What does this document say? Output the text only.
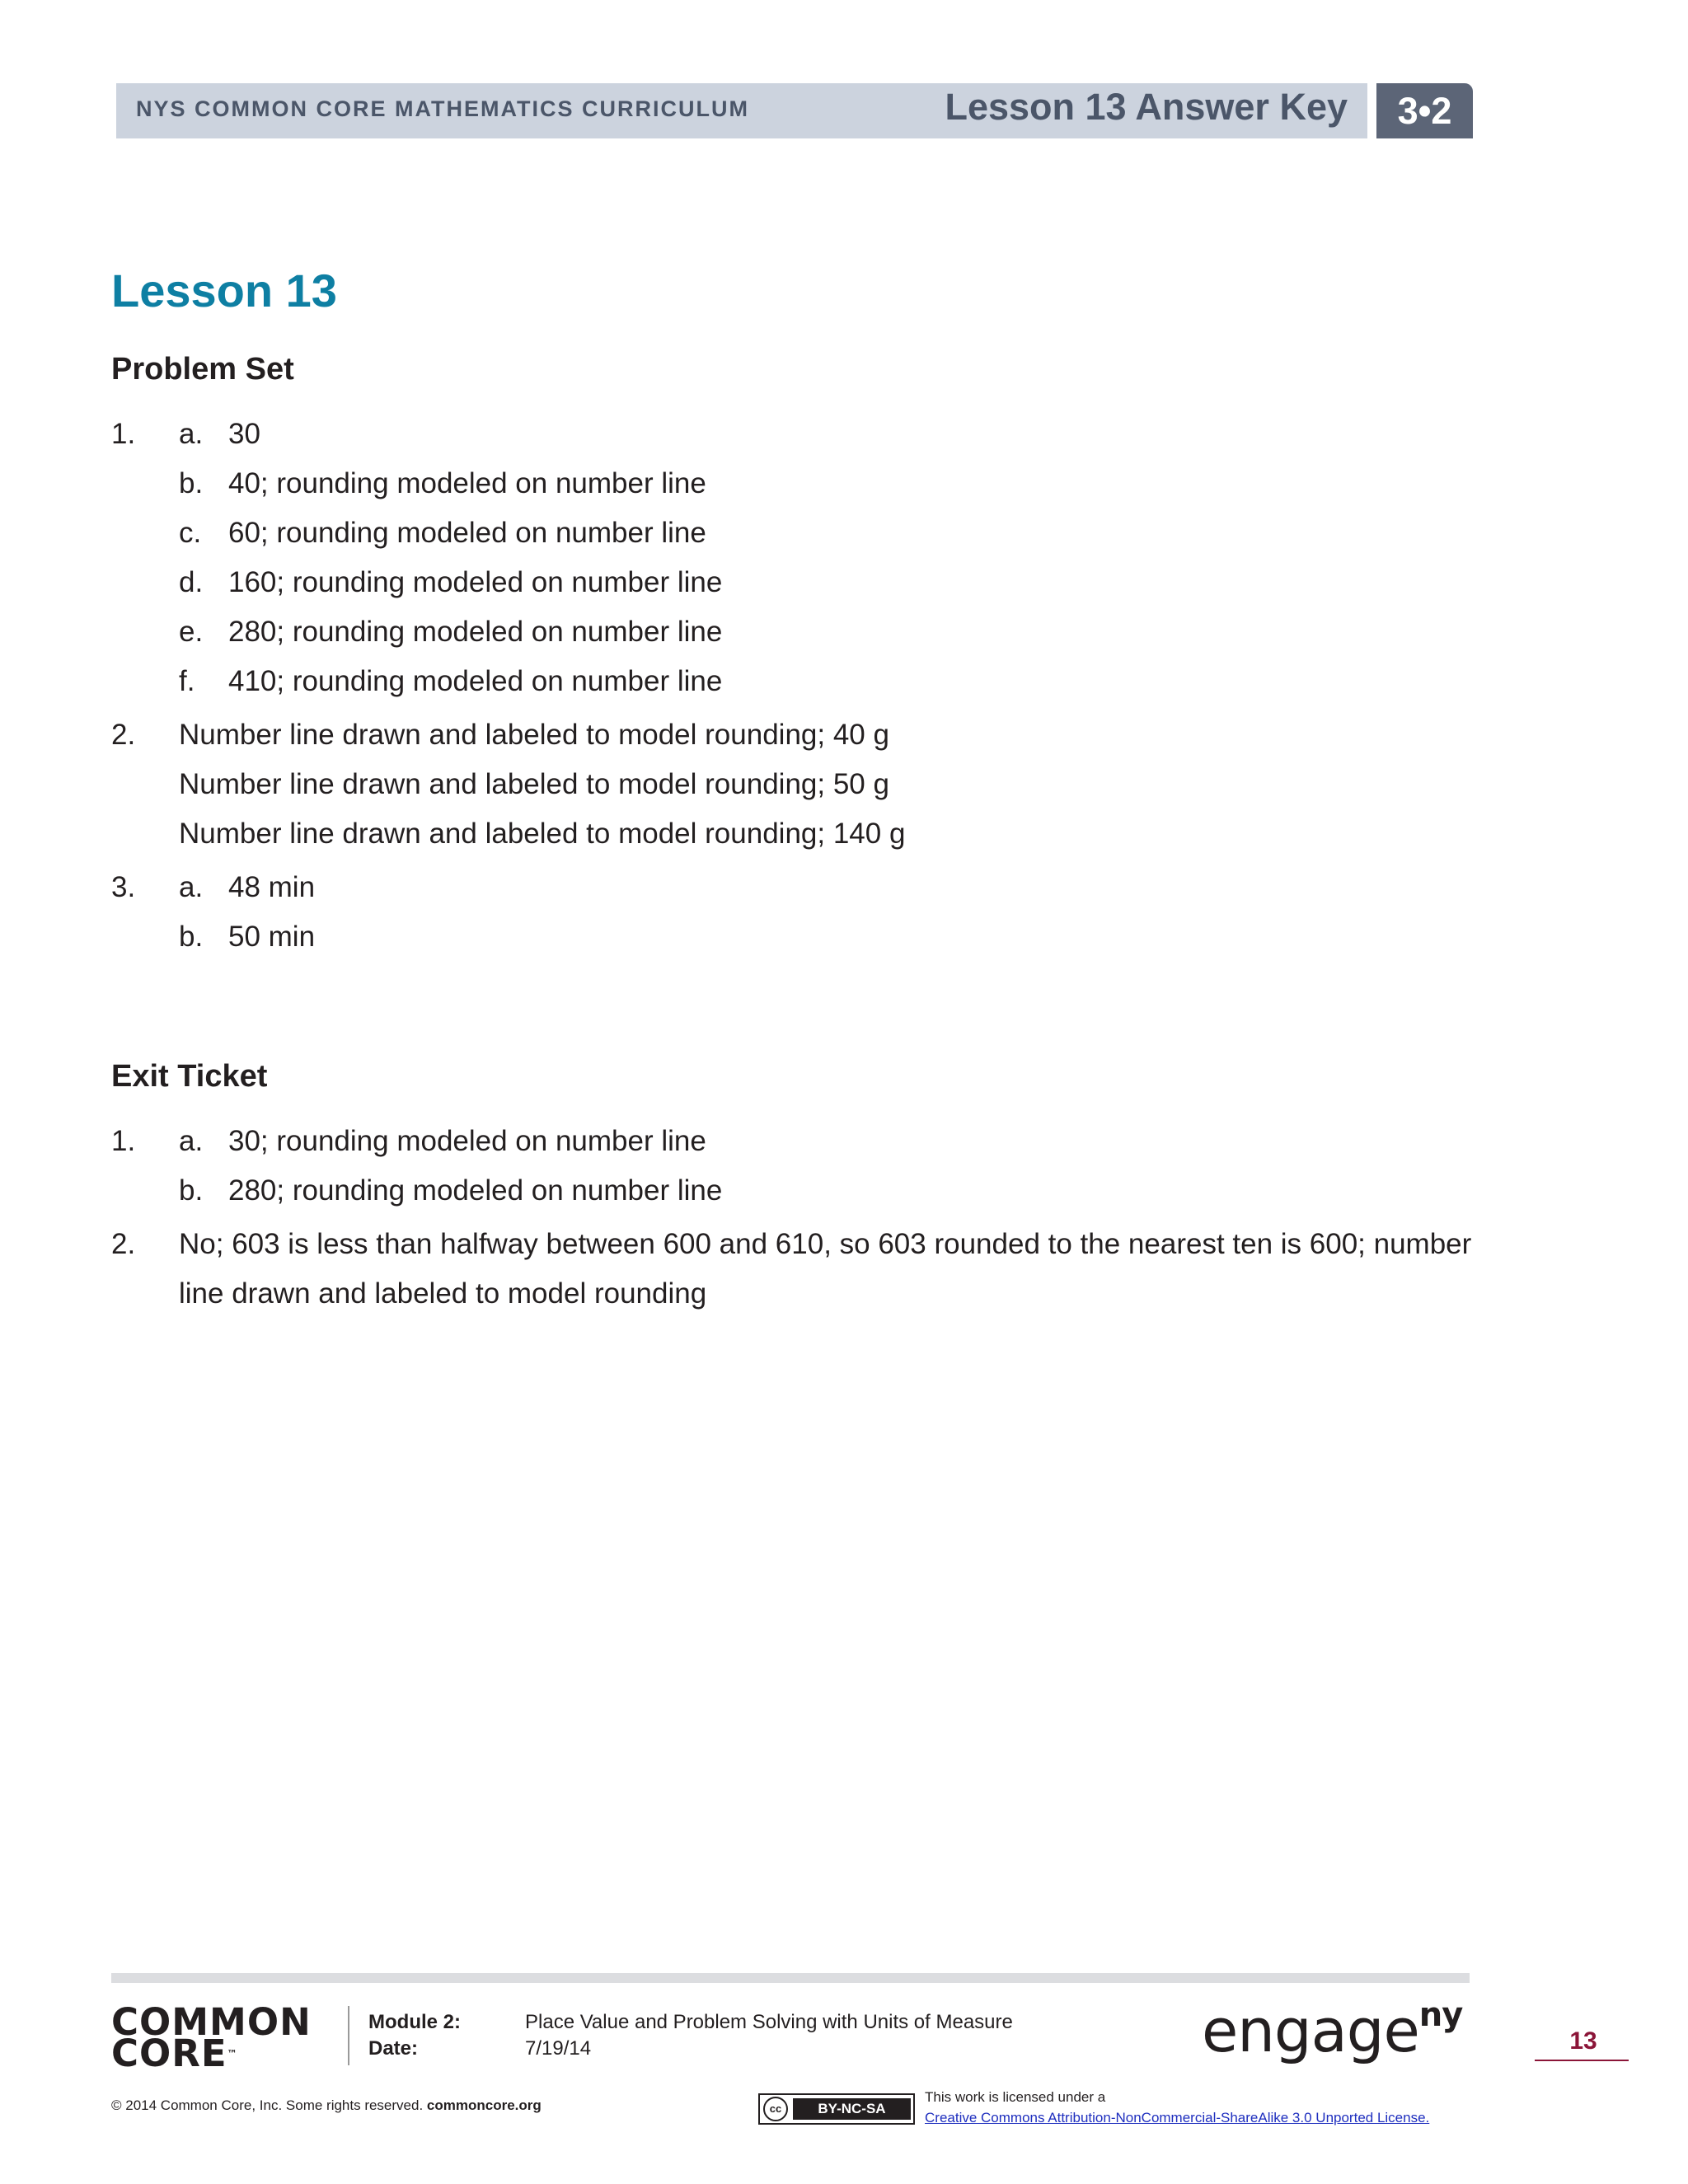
NYS COMMON CORE MATHEMATICS CURRICULUM	Lesson 13 Answer Key	3•2
Lesson 13
Problem Set
1. a. 30
b. 40; rounding modeled on number line
c. 60; rounding modeled on number line
d. 160; rounding modeled on number line
e. 280; rounding modeled on number line
f. 410; rounding modeled on number line
2. Number line drawn and labeled to model rounding; 40 g
Number line drawn and labeled to model rounding; 50 g
Number line drawn and labeled to model rounding; 140 g
3. a. 48 min
b. 50 min
Exit Ticket
1. a. 30; rounding modeled on number line
b. 280; rounding modeled on number line
2. No; 603 is less than halfway between 600 and 610, so 603 rounded to the nearest ten is 600; number
line drawn and labeled to model rounding
COMMON
CORE™
Module 2:	Place Value and Problem Solving with Units of Measure
Date:	7/19/14	engage$^{ny}$
13
© 2014 Common Core, Inc. Some rights reserved. commoncore.org	cc	BY-NC-SA
This work is licensed under a
Creative Commons Attribution-NonCommercial-ShareAlike 3.0 Unported License.
